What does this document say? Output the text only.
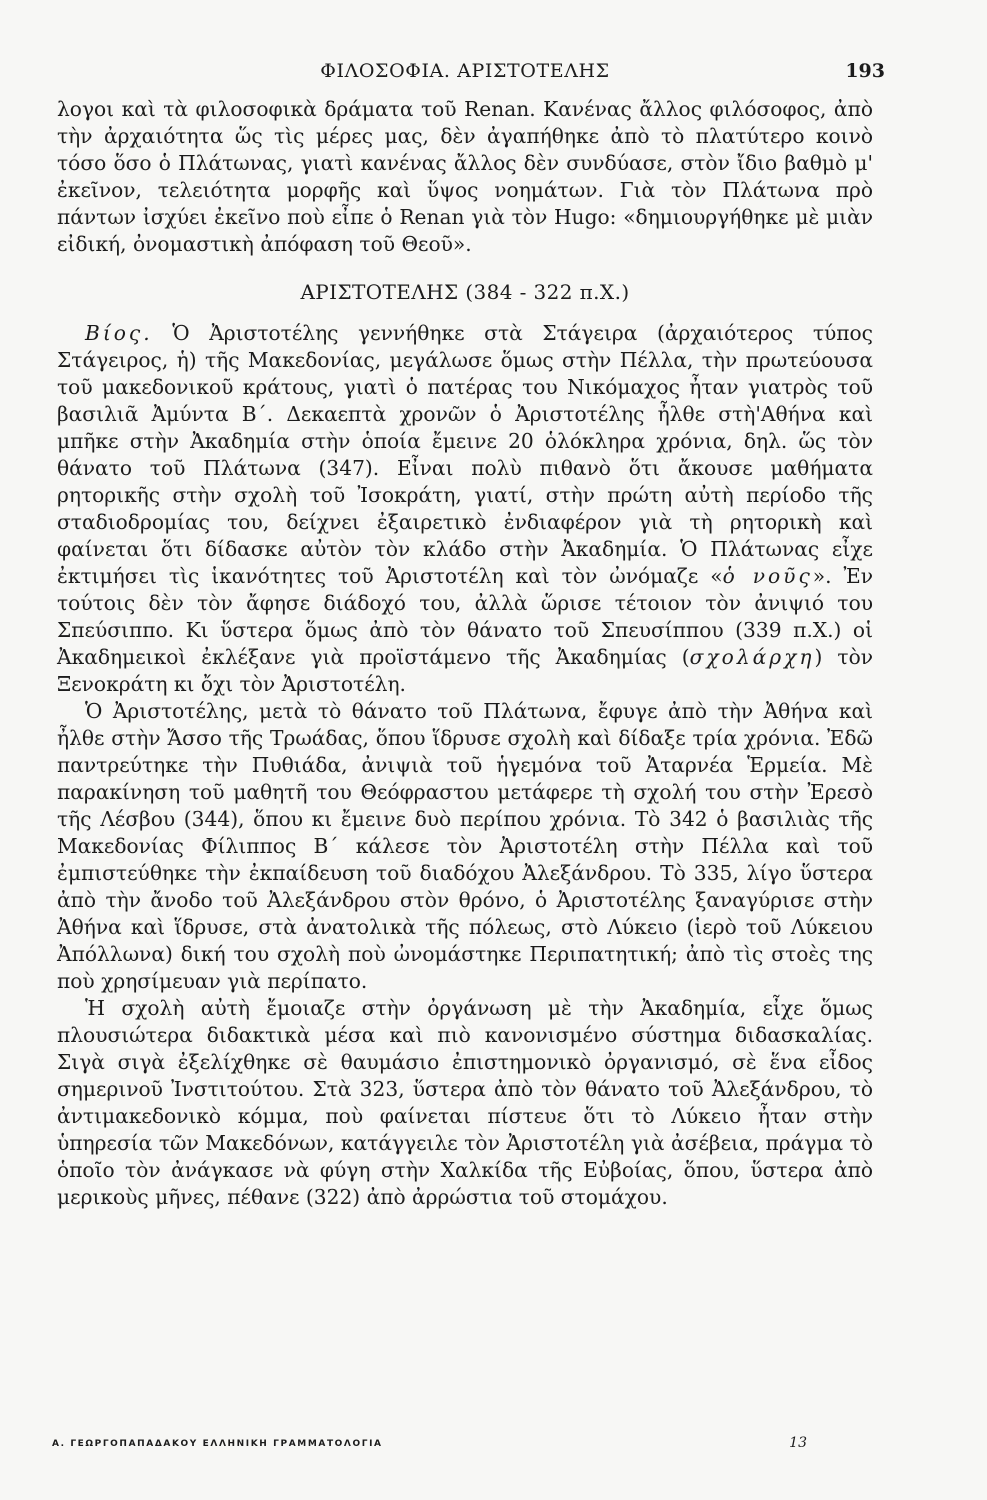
ΦΙΛΟΣΟΦΙΑ. ΑΡΙΣΤΟΤΕΛΗΣ	193

λογοι καὶ τὰ φιλοσοφικὰ δράματα τοῦ Renan. Κανένας ἄλλος φιλόσοφος, ἀπὸ τὴν ἀρχαιότητα ὥς τὶς μέρες μας, δὲν ἀγαπήθηκε ἀπὸ τὸ πλατύτερο κοινὸ τόσο ὅσο ὁ Πλάτωνας, γιατὶ κανένας ἄλλος δὲν συνδύασε, στὸν ἴδιο βαθμὸ μ' ἐκεῖνον, τελειότητα μορφῆς καὶ ὕψος νοημάτων. Γιὰ τὸν Πλάτωνα πρὸ πάντων ἰσχύει ἐκεῖνο ποὺ εἶπε ὁ Renan γιὰ τὸν Hugo: «δημιουργήθηκε μὲ μιὰν εἰδική, ὀνομαστικὴ ἀπόφαση τοῦ Θεοῦ».

ΑΡΙΣΤΟΤΕΛΗΣ (384 - 322 π.Χ.)

Βίος. Ὁ Ἀριστοτέλης γεννήθηκε στὰ Στάγειρα (ἀρχαιότερος τύπος Στάγειρος, ἡ) τῆς Μακεδονίας, μεγάλωσε ὅμως στὴν Πέλλα, τὴν πρωτεύουσα τοῦ μακεδονικοῦ κράτους, γιατὶ ὁ πατέρας του Νικόμαχος ἦταν γιατρὸς τοῦ βασιλιᾶ Ἀμύντα Β΄. Δεκαεπτὰ χρονῶν ὁ Ἀριστοτέλης ἦλθε στὴ'Αθήνα καὶ μπῆκε στὴν Ἀκαδημία στὴν ὁποία ἔμεινε 20 ὁλόκληρα χρόνια, δηλ. ὥς τὸν θάνατο τοῦ Πλάτωνα (347). Εἶναι πολὺ πιθανὸ ὅτι ἄκουσε μαθήματα ρητορικῆς στὴν σχολὴ τοῦ Ἰσοκράτη, γιατί, στὴν πρώτη αὐτὴ περίοδο τῆς σταδιοδρομίας του, δείχνει ἐξαιρετικὸ ἐνδιαφέρον γιὰ τὴ ρητορικὴ καὶ φαίνεται ὅτι δίδασκε αὐτὸν τὸν κλάδο στὴν Ἀκαδημία. Ὁ Πλάτωνας εἶχε ἐκτιμήσει τὶς ἱκανότητες τοῦ Ἀριστοτέλη καὶ τὸν ὠνόμαζε «ὁ νοῦς». Ἐν τούτοις δὲν τὸν ἄφησε διάδοχό του, ἀλλὰ ὥρισε τέτοιον τὸν ἀνιψιό του Σπεύσιππο. Κι ὕστερα ὅμως ἀπὸ τὸν θάνατο τοῦ Σπευσίππου (339 π.Χ.) οἱ Ἀκαδημεικοὶ ἐκλέξανε γιὰ προϊστάμενο τῆς Ἀκαδημίας (σχολάρχη) τὸν Ξενοκράτη κι ὄχι τὸν Ἀριστοτέλη.

Ὁ Ἀριστοτέλης, μετὰ τὸ θάνατο τοῦ Πλάτωνα, ἔφυγε ἀπὸ τὴν Ἀθήνα καὶ ἦλθε στὴν Ἄσσο τῆς Τρωάδας, ὅπου ἵδρυσε σχολὴ καὶ δίδαξε τρία χρόνια. Ἐδῶ παντρεύτηκε τὴν Πυθιάδα, ἀνιψιὰ τοῦ ἡγεμόνα τοῦ Ἀταρνέα Ἑρμεία. Μὲ παρακίνηση τοῦ μαθητῆ του Θεόφραστου μετάφερε τὴ σχολή του στὴν Ἐρεσὸ τῆς Λέσβου (344), ὅπου κι ἔμεινε δυὸ περίπου χρόνια. Τὸ 342 ὁ βασιλιὰς τῆς Μακεδονίας Φίλιππος Β΄ κάλεσε τὸν Ἀριστοτέλη στὴν Πέλλα καὶ τοῦ ἐμπιστεύθηκε τὴν ἐκπαίδευση τοῦ διαδόχου Ἀλεξάνδρου. Τὸ 335, λίγο ὕστερα ἀπὸ τὴν ἄνοδο τοῦ Ἀλεξάνδρου στὸν θρόνο, ὁ Ἀριστοτέλης ξαναγύρισε στὴν Ἀθήνα καὶ ἵδρυσε, στὰ ἀνατολικὰ τῆς πόλεως, στὸ Λύκειο (ἱερὸ τοῦ Λύκειου Ἀπόλλωνα) δική του σχολὴ ποὺ ὠνομάστηκε Περιπατητική; ἀπὸ τὶς στοὲς της ποὺ χρησίμευαν γιὰ περίπατο.

Ἡ σχολὴ αὐτὴ ἔμοιαζε στὴν ὀργάνωση μὲ τὴν Ἀκαδημία, εἶχε ὅμως πλουσιώτερα διδακτικὰ μέσα καὶ πιὸ κανονισμένο σύστημα διδασκαλίας. Σιγὰ σιγὰ ἐξελίχθηκε σὲ θαυμάσιο ἐπιστημονικὸ ὀργανισμό, σὲ ἕνα εἶδος σημερινοῦ Ἰνστιτούτου. Στὰ 323, ὕστερα ἀπὸ τὸν θάνατο τοῦ Ἀλεξάνδρου, τὸ ἀντιμακεδονικὸ κόμμα, ποὺ φαίνεται πίστευε ὅτι τὸ Λύκειο ἦταν στὴν ὑπηρεσία τῶν Μακεδόνων, κατάγγειλε τὸν Ἀριστοτέλη γιὰ ἀσέβεια, πράγμα τὸ ὁποῖο τὸν ἀνάγκασε νὰ φύγη στὴν Χαλκίδα τῆς Εὐβοίας, ὅπου, ὕστερα ἀπὸ μερικοὺς μῆνες, πέθανε (322) ἀπὸ ἀρρώστια τοῦ στομάχου.

Α. ΓΕΩΡΓΟΠΑΠΑΔΑΚΟΥ ΕΛΛΗΝΙΚΗ ΓΡΑΜΜΑΤΟΛΟΓΙΑ	13
